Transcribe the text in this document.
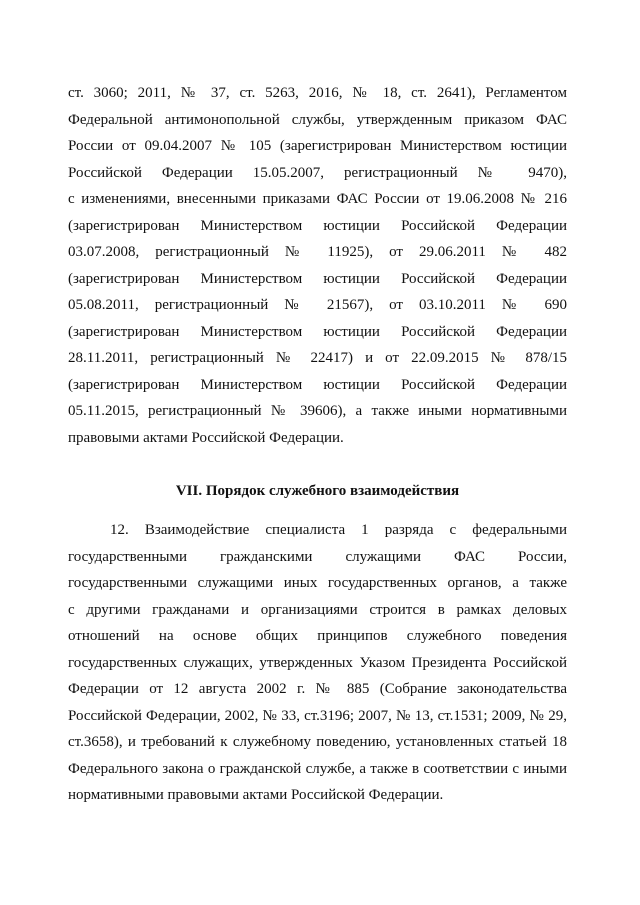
ст. 3060; 2011, № 37, ст. 5263, 2016, № 18, ст. 2641), Регламентом
Федеральной антимонопольной службы, утвержденным приказом ФАС
России от 09.04.2007 № 105 (зарегистрирован Министерством юстиции
Российской Федерации 15.05.2007, регистрационный № 9470),
с изменениями, внесенными приказами ФАС России от 19.06.2008 № 216
(зарегистрирован Министерством юстиции Российской Федерации
03.07.2008, регистрационный № 11925), от 29.06.2011 № 482
(зарегистрирован Министерством юстиции Российской Федерации
05.08.2011, регистрационный № 21567), от 03.10.2011 № 690
(зарегистрирован Министерством юстиции Российской Федерации
28.11.2011, регистрационный № 22417) и от 22.09.2015 № 878/15
(зарегистрирован Министерством юстиции Российской Федерации
05.11.2015, регистрационный № 39606), а также иными нормативными
правовыми актами Российской Федерации.

VII. Порядок служебного взаимодействия

12. Взаимодействие специалиста 1 разряда с федеральными
государственными гражданскими служащими ФАС России,
государственными служащими иных государственных органов, а также
с другими гражданами и организациями строится в рамках деловых
отношений на основе общих принципов служебного поведения
государственных служащих, утвержденных Указом Президента Российской
Федерации от 12 августа 2002 г. № 885 (Собрание законодательства
Российской Федерации, 2002, № 33, ст.3196; 2007, № 13, ст.1531; 2009, № 29,
ст.3658), и требований к служебному поведению, установленных статьей 18
Федерального закона о гражданской службе, а также в соответствии с иными
нормативными правовыми актами Российской Федерации.
